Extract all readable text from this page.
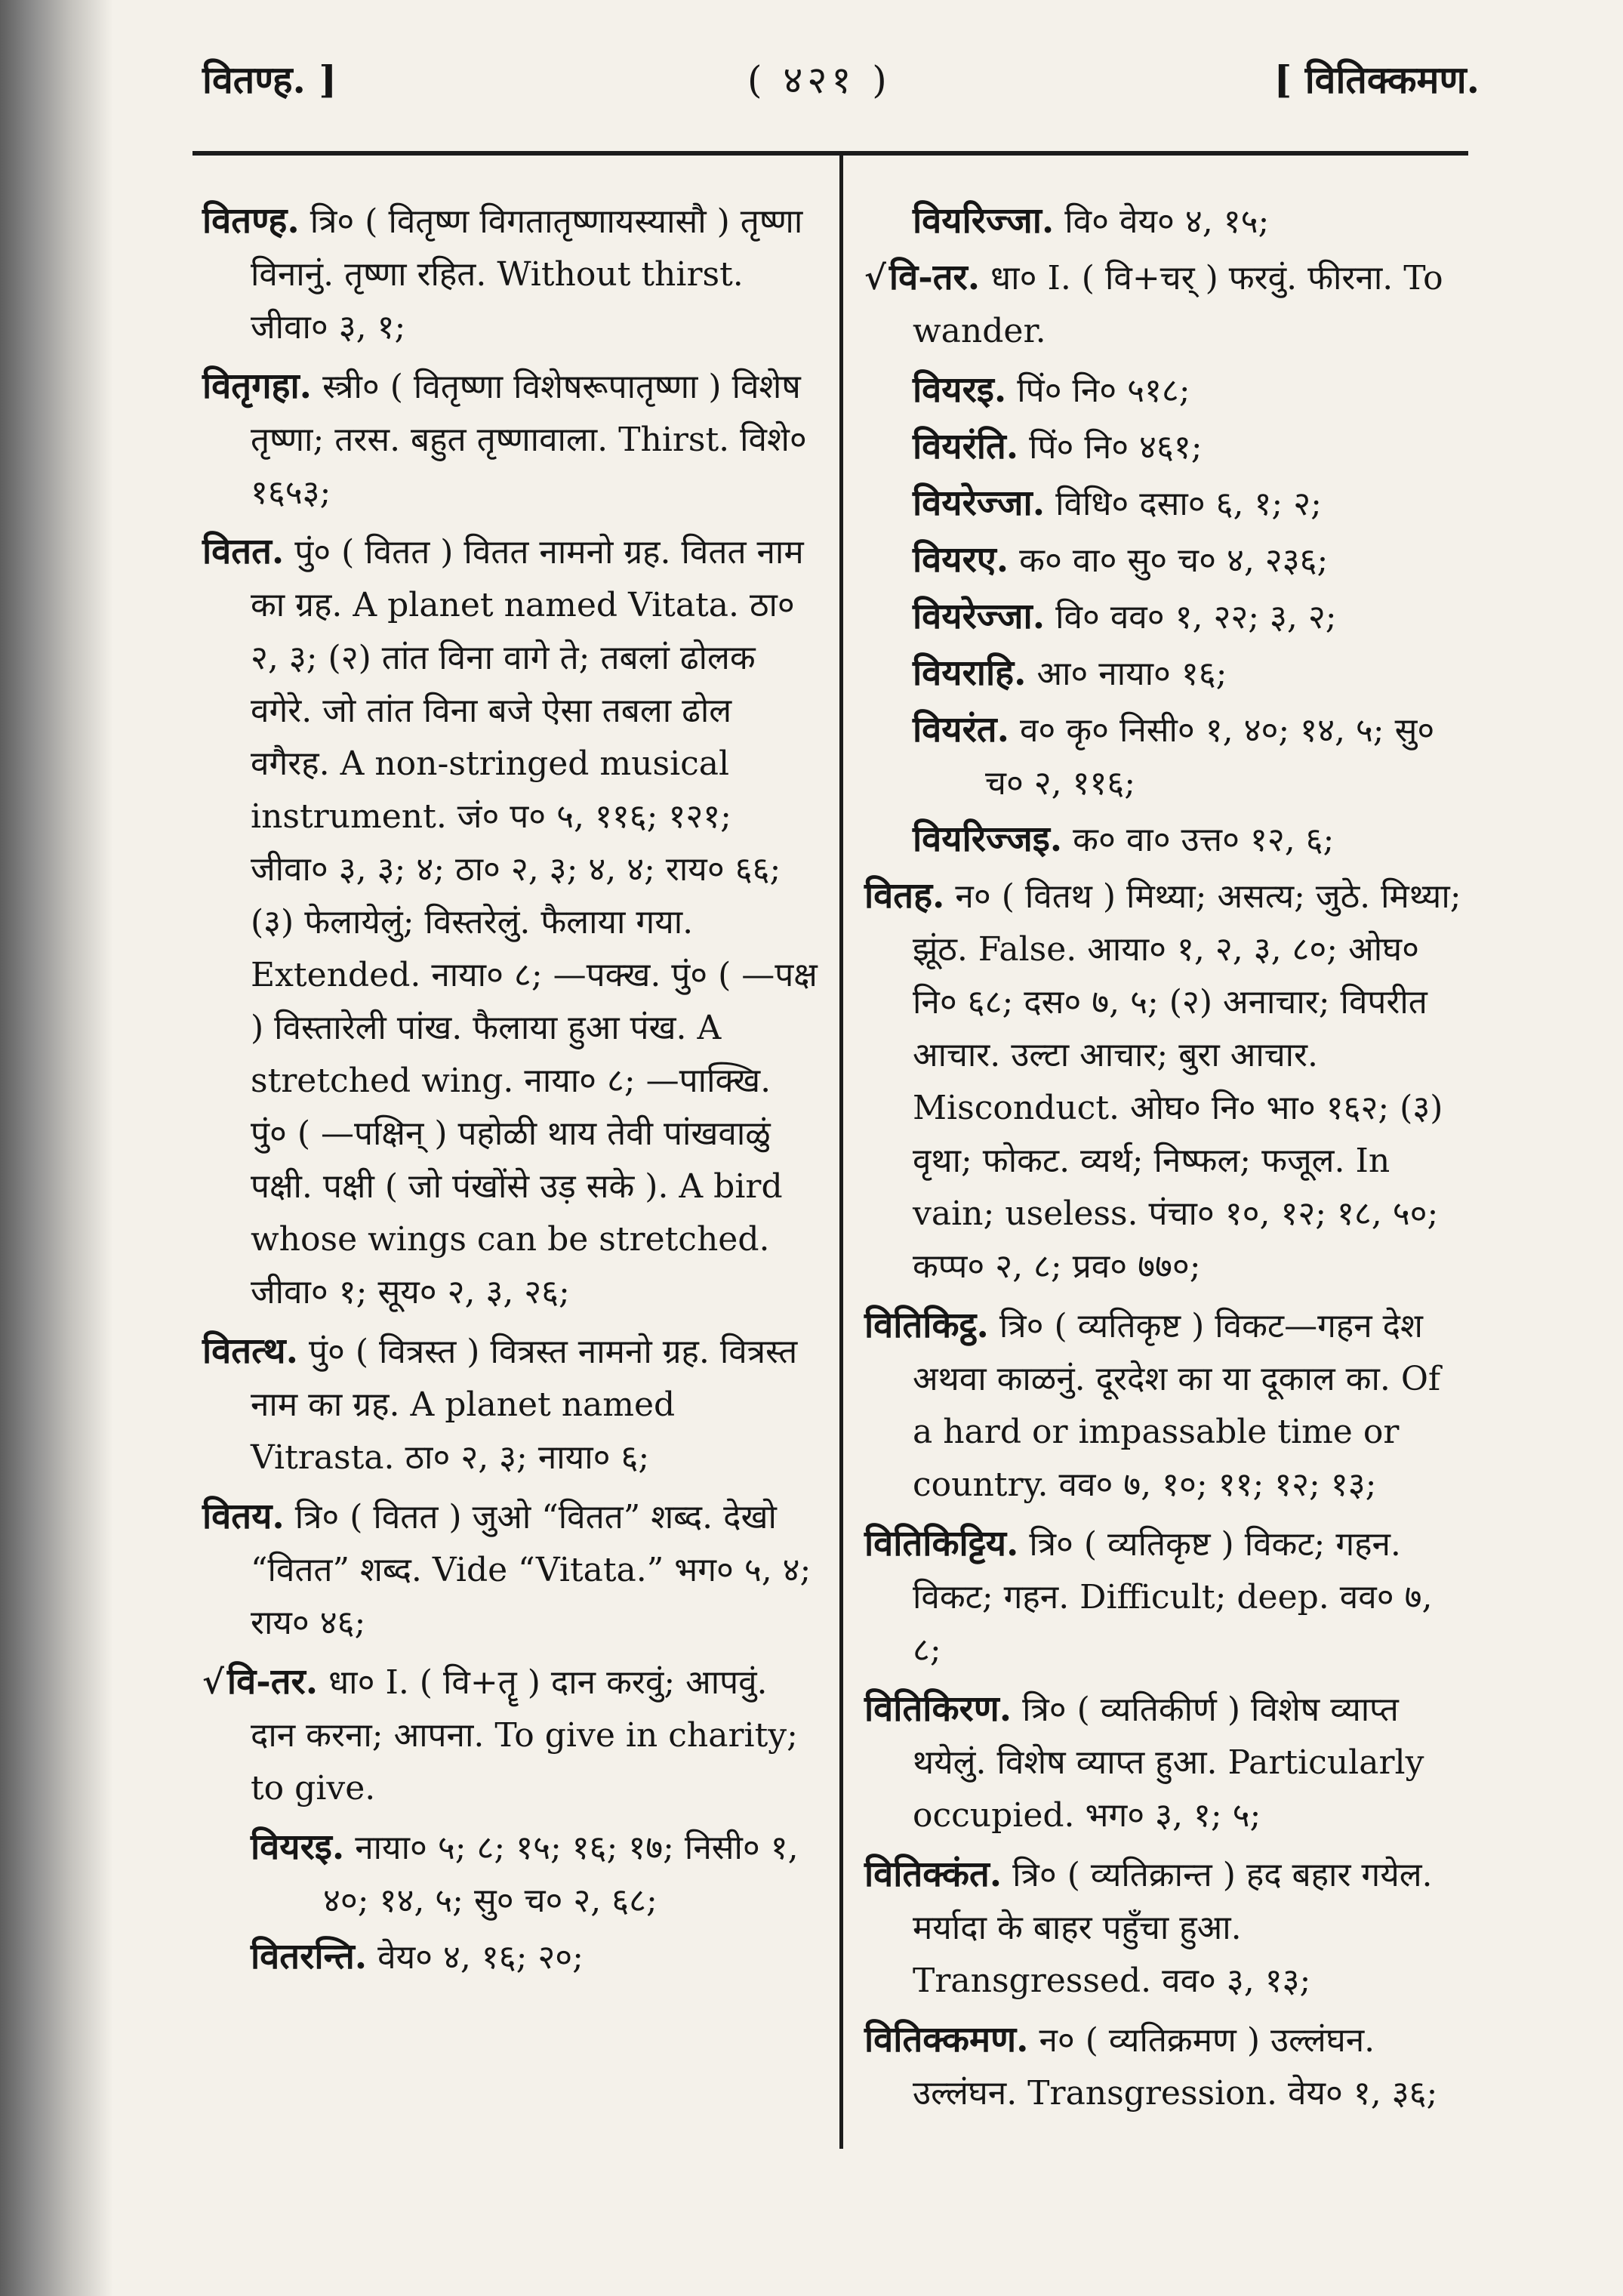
वितण्ह. ]	( ४२१ )	[ वितिक्कमण.

वितण्ह. त्रि० ( वितृष्ण विगतातृष्णायस्यासौ ) तृष्णा विनानुं. तृष्णा रहित. Without thirst. जीवा० ३, १;

वितृगहा. स्त्री० ( वितृष्णा विशेषरूपातृष्णा ) विशेष तृष्णा; तरस. बहुत तृष्णावाला. Thirst. विशे० १६५३;

वितत. पुं० ( वितत ) वितत नामनो ग्रह. वितत नाम का ग्रह. A planet named Vitata. ठा० २, ३; (२) तांत विना वागे ते; तबलां ढोलक वगेरे. जो तांत विना बजे ऐसा तबला ढोल वगैरह. A non-stringed musical instrument. जं० प० ५, ११६; १२१; जीवा० ३, ३; ४; ठा० २, ३; ४, ४; राय० ६६; (३) फेलायेलुं; विस्तरेलुं. फैलाया गया. Extended. नाया० ८; —पक्ख. पुं० ( —पक्ष ) विस्तारेली पांख. फैलाया हुआ पंख. A stretched wing. नाया० ८; —पाक्खि. पुं० ( —पक्षिन् ) पहोळी थाय तेवी पांखवाळुं पक्षी. पक्षी ( जो पंखोंसे उड़ सके ). A bird whose wings can be stretched. जीवा० १; सूय० २, ३, २६;

वितत्थ. पुं० ( वित्रस्त ) वित्रस्त नामनो ग्रह. वित्रस्त नाम का ग्रह. A planet named Vitrasta. ठा० २, ३; नाया० ६;

वितय. त्रि० ( वितत ) जुओ “वितत” शब्द. देखो “वितत” शब्द. Vide “Vitata.” भग० ५, ४; राय० ४६;

√वि-तर. धा० I. ( वि+तॄ ) दान करवुं; आपवुं. दान करना; आपना. To give in charity; to give.

वियरइ. नाया० ५; ८; १५; १६; १७; निसी० १, ४०; १४, ५; सु० च० २, ६८;

वितरन्ति. वेय० ४, १६; २०;

वियरिज्जा. वि० वेय० ४, १५;

√वि-तर. धा० I. ( वि+चर् ) फरवुं. फीरना. To wander.

वियरइ. पिं० नि० ५१८;

वियरंति. पिं० नि० ४६१;

वियरेज्जा. विधि० दसा० ६, १; २;

वियरए. क० वा० सु० च० ४, २३६;

वियरेज्जा. वि० वव० १, २२; ३, २;

वियराहि. आ० नाया० १६;

वियरंत. व० कृ० निसी० १, ४०; १४, ५; सु० च० २, ११६;

वियरिज्जइ. क० वा० उत्त० १२, ६;

वितह. न० ( वितथ ) मिथ्या; असत्य; जुठे. मिथ्या; झूंठ. False. आया० १, २, ३, ८०; ओघ० नि० ६८; दस० ७, ५; (२) अनाचार; विपरीत आचार. उल्टा आचार; बुरा आचार. Misconduct. ओघ० नि० भा० १६२; (३) वृथा; फोकट. व्यर्थ; निष्फल; फजूल. In vain; useless. पंचा० १०, १२; १८, ५०; कप्प० २, ८; प्रव० ७७०;

वितिकिट्ठ. त्रि० ( व्यतिकृष्ट ) विकट—गहन देश अथवा काळनुं. दूरदेश का या दूकाल का. Of a hard or impassable time or country. वव० ७, १०; ११; १२; १३;

वितिकिट्टिय. त्रि० ( व्यतिकृष्ट ) विकट; गहन. विकट; गहन. Difficult; deep. वव० ७, ८;

वितिकिरण. त्रि० ( व्यतिकीर्ण ) विशेष व्याप्त थयेलुं. विशेष व्याप्त हुआ. Particularly occupied. भग० ३, १; ५;

वितिक्कंत. त्रि० ( व्यतिक्रान्त ) हद बहार गयेल. मर्यादा के बाहर पहुँचा हुआ. Transgressed. वव० ३, १३;

वितिक्कमण. न० ( व्यतिक्रमण ) उल्लंघन. उल्लंघन. Transgression. वेय० १, ३६;
